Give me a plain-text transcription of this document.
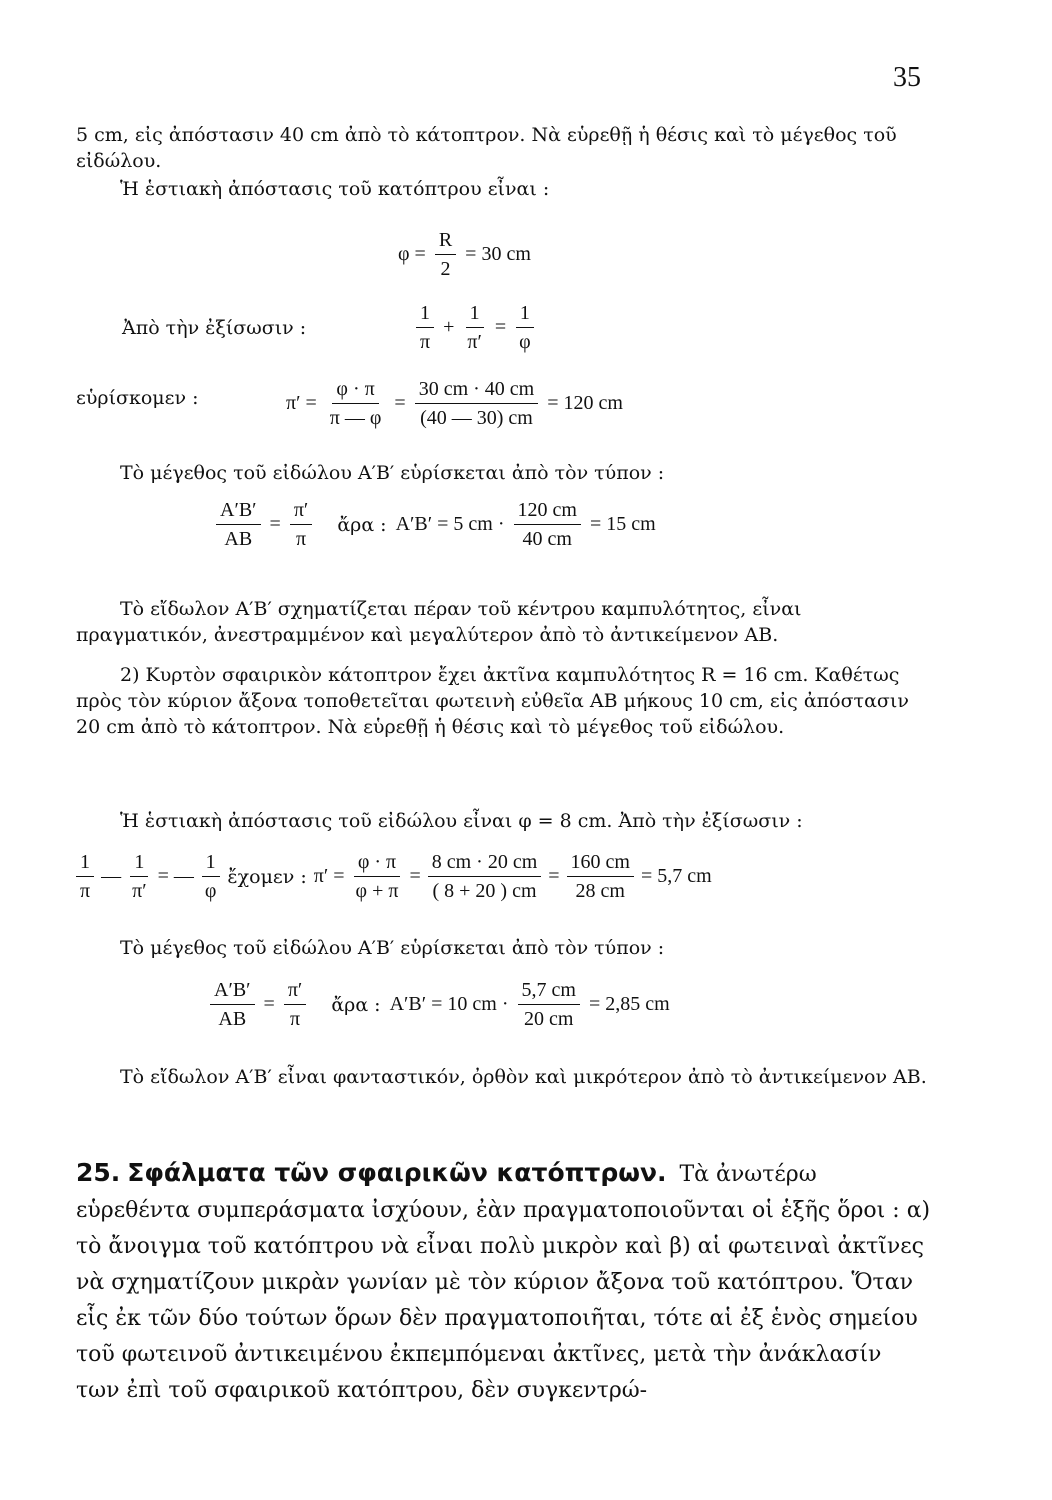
35

5 cm, εἰς ἀπόστασιν 40 cm ἀπὸ τὸ κάτοπτρον. Νὰ εὑρεθῇ ἡ θέσις καὶ τὸ μέγεθος τοῦ εἰδώλου.

Ἡ ἑστιακὴ ἀπόστασις τοῦ κατόπτρου εἶναι :

$\varphi = \frac{R}{2} = 30$ cm
Ἀπὸ τὴν ἐξίσωσιν :	$\frac{1}{\pi} + \frac{1}{\pi'} = \frac{1}{\varphi}$
εὑρίσκομεν :	$\pi' = \frac{\varphi \cdot \pi}{\pi — \varphi} = \frac{30 cm \cdot 40 cm}{(40 — 30) cm} = 120$ cm

Τὸ μέγεθος τοῦ εἰδώλου Α′Β′ εὑρίσκεται ἀπὸ τὸν τύπον :

$\frac{A'B'}{AB} = \frac{\pi'}{\pi}$ ἄρα : Α′Β′ = 5 cm · $\frac{120 cm}{40 cm} = 15$ cm

Τὸ εἴδωλον Α′Β′ σχηματίζεται πέραν τοῦ κέντρου καμπυλότητος, εἶναι πραγματικόν, ἀνεστραμμένον καὶ μεγαλύτερον ἀπὸ τὸ ἀντικείμενον ΑΒ.

2) Κυρτὸν σφαιρικὸν κάτοπτρον ἔχει ἀκτῖνα καμπυλότητος R = 16 cm. Καθέτως πρὸς τὸν κύριον ἄξονα τοποθετεῖται φωτεινὴ εὐθεῖα ΑΒ μήκους 10 cm, εἰς ἀπόστασιν 20 cm ἀπὸ τὸ κάτοπτρον. Νὰ εὑρεθῇ ἡ θέσις καὶ τὸ μέγεθος τοῦ εἰδώλου.

Ἡ ἑστιακὴ ἀπόστασις τοῦ εἰδώλου εἶναι φ = 8 cm. Ἀπὸ τὴν ἐξίσωσιν :

$\frac{1}{\pi}$ — $\frac{1}{\pi'}$ = — $\frac{1}{\varphi}$ ἔχομεν : $\pi' = \frac{\varphi \cdot \pi}{\varphi + \pi} = \frac{8 cm \cdot 20 cm}{( 8 + 20 ) cm} = \frac{160 cm}{28 cm} = 5,7$ cm

Τὸ μέγεθος τοῦ εἰδώλου Α′Β′ εὑρίσκεται ἀπὸ τὸν τύπον :

$\frac{A'B'}{AB} = \frac{\pi'}{\pi}$ ἄρα : Α′Β′ = 10 cm · $\frac{5,7 cm}{20 cm} = 2,85$ cm

Τὸ εἴδωλον Α′Β′ εἶναι φανταστικόν, ὀρθὸν καὶ μικρότερον ἀπὸ τὸ ἀντικείμενον ΑΒ.

25. Σφάλματα τῶν σφαιρικῶν κατόπτρων. Τὰ ἀνωτέρω εὑρεθέντα συμπεράσματα ἰσχύουν, ἐὰν πραγματοποιοῦνται οἱ ἑξῆς ὅροι : α) τὸ ἄνοιγμα τοῦ κατόπτρου νὰ εἶναι πολὺ μικρὸν καὶ β) αἱ φωτειναὶ ἀκτῖνες νὰ σχηματίζουν μικρὰν γωνίαν μὲ τὸν κύριον ἄξονα τοῦ κατόπτρου. Ὅταν εἷς ἐκ τῶν δύο τούτων ὅρων δὲν πραγματοποιῆται, τότε αἱ ἐξ ἑνὸς σημείου τοῦ φωτεινοῦ ἀντικειμένου ἐκπεμπόμεναι ἀκτῖνες, μετὰ τὴν ἀνάκλασίν των ἐπὶ τοῦ σφαιρικοῦ κατόπτρου, δὲν συγκεντρώ-
